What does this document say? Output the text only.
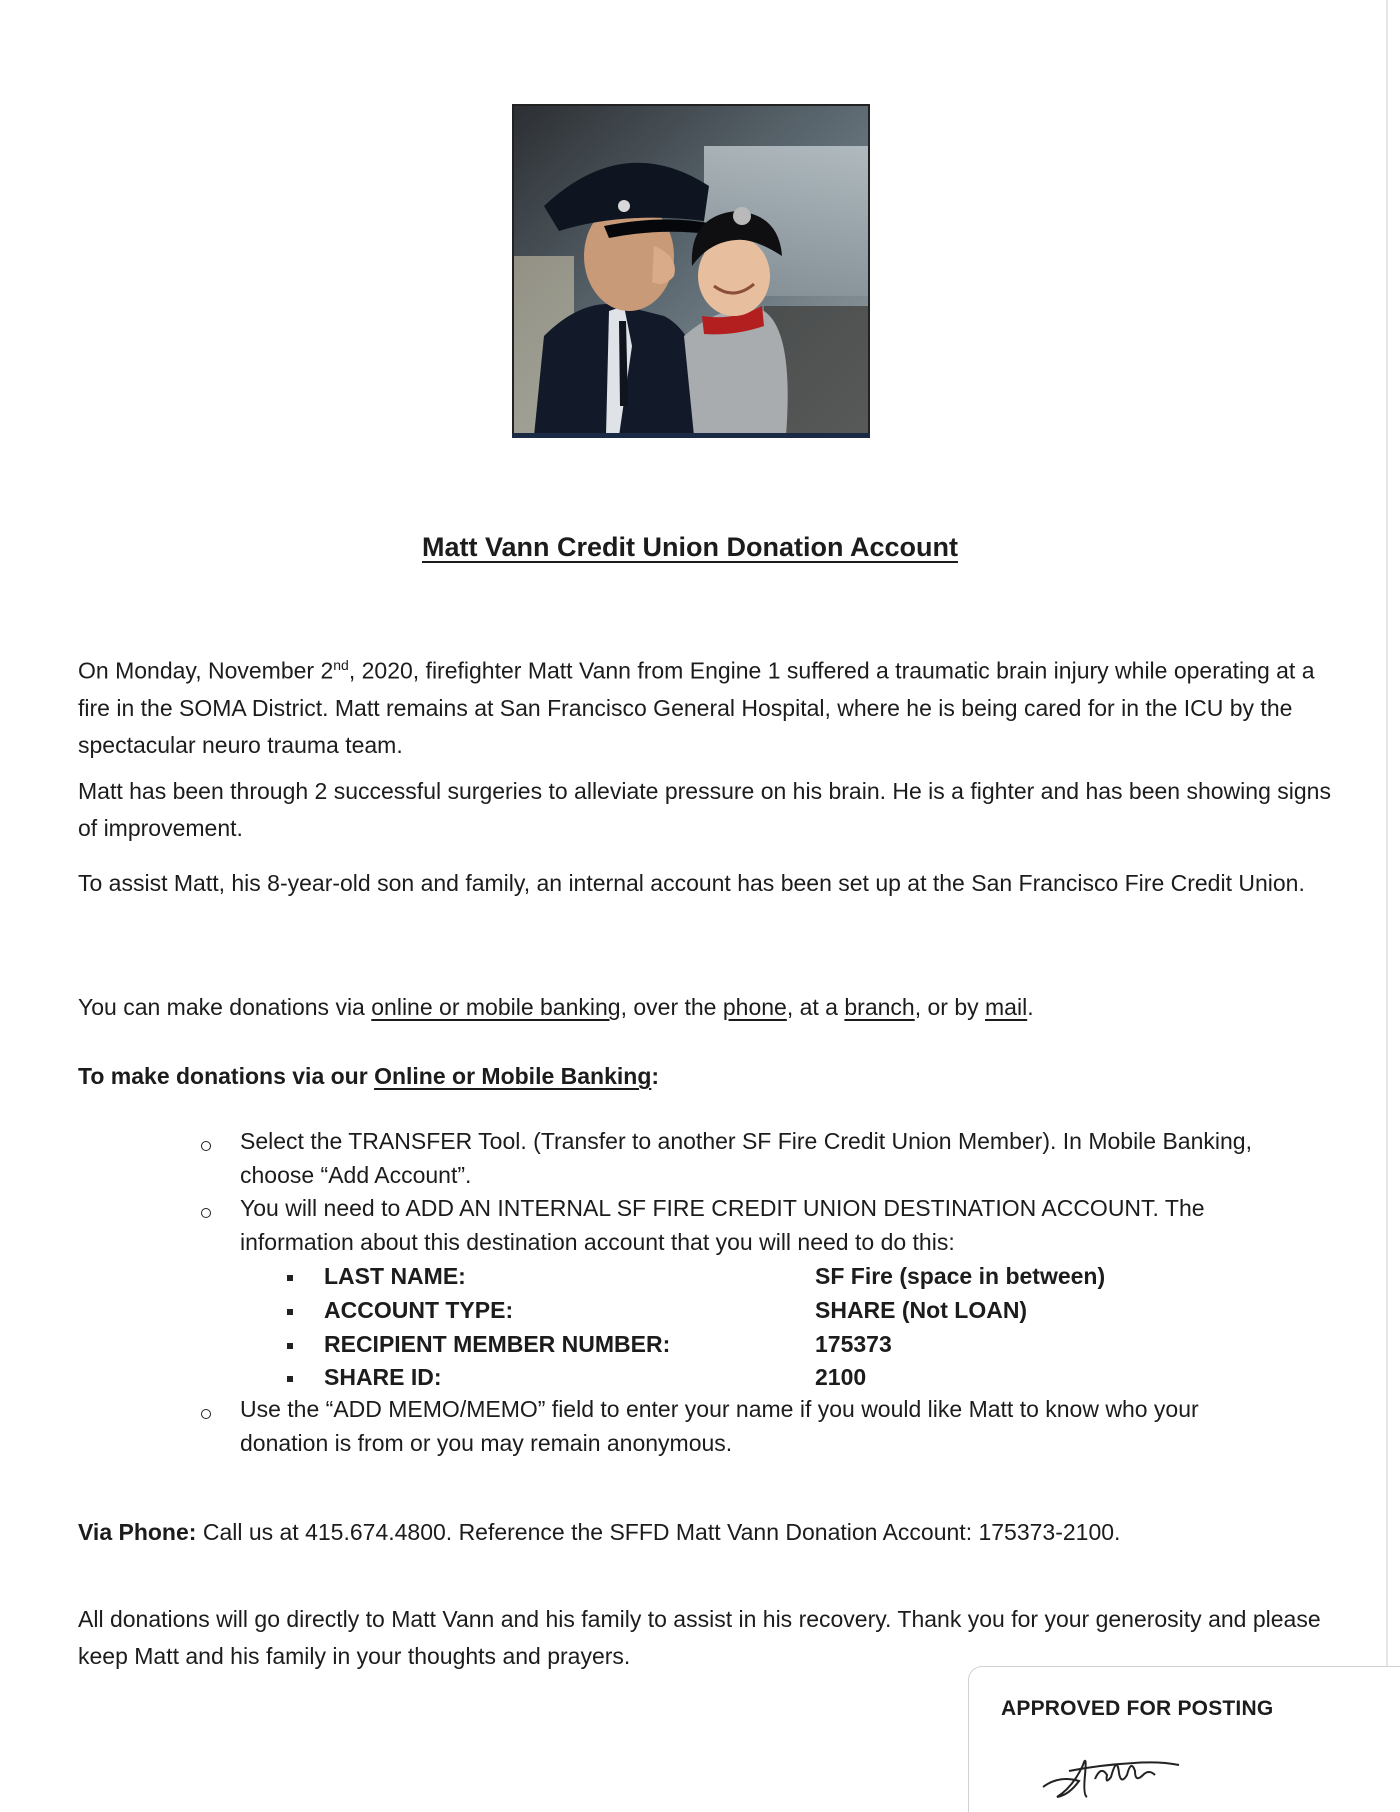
Matt Vann Credit Union Donation Account
On Monday, November 2nd, 2020, firefighter Matt Vann from Engine 1 suffered a traumatic brain injury while operating at a fire in the SOMA District. Matt remains at San Francisco General Hospital, where he is being cared for in the ICU by the spectacular neuro trauma team.
Matt has been through 2 successful surgeries to alleviate pressure on his brain. He is a fighter and has been showing signs of improvement.
To assist Matt, his 8-year-old son and family, an internal account has been set up at the San Francisco Fire Credit Union.
You can make donations via online or mobile banking, over the phone, at a branch, or by mail.
To make donations via our Online or Mobile Banking:
Select the TRANSFER Tool. (Transfer to another SF Fire Credit Union Member). In Mobile Banking, choose “Add Account”.
You will need to ADD AN INTERNAL SF FIRE CREDIT UNION DESTINATION ACCOUNT. The information about this destination account that you will need to do this:
LAST NAME:	SF Fire (space in between)
ACCOUNT TYPE:	SHARE (Not LOAN)
RECIPIENT MEMBER NUMBER:	175373
SHARE ID:	2100
Use the “ADD MEMO/MEMO” field to enter your name if you would like Matt to know who your donation is from or you may remain anonymous.
Via Phone: Call us at 415.674.4800. Reference the SFFD Matt Vann Donation Account: 175373-2100.
All donations will go directly to Matt Vann and his family to assist in his recovery. Thank you for your generosity and please keep Matt and his family in your thoughts and prayers.
APPROVED FOR POSTING
